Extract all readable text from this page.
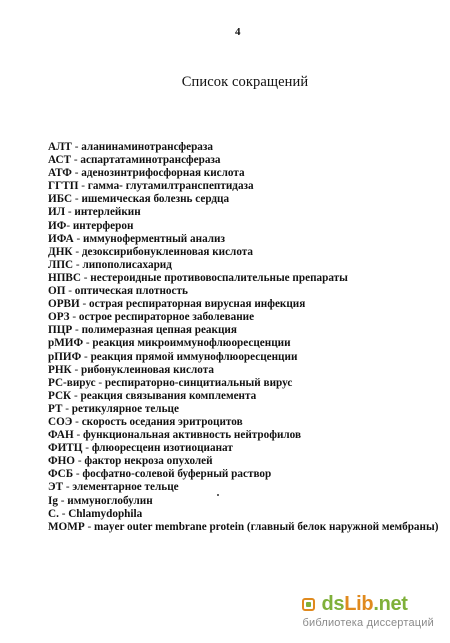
4
Список сокращений
АЛТ - аланинаминотрансфераза
АСТ - аспартатаминотрансфераза
АТФ - аденозинтрифосфорная кислота
ГГТП - гамма- глутамилтранспептидаза
ИБС - ишемическая болезнь сердца
ИЛ - интерлейкин
ИФ- интерферон
ИФА - иммуноферментный анализ
ДНК - дезоксирибонуклеиновая кислота
ЛПС - липополисахарид
НПВС - нестероидные противовоспалительные препараты
ОП - оптическая плотность
ОРВИ - острая респираторная вирусная инфекция
ОРЗ - острое респираторное заболевание
ПЦР - полимеразная цепная реакция
рМИФ - реакция микроиммунофлюоресценции
рПИФ - реакция прямой иммунофлюоресценции
РНК - рибонуклеиновая кислота
РС-вирус - респираторно-синцитиальный вирус
РСК - реакция связывания комплемента
РТ - ретикулярное тельце
СОЭ - скорость оседания эритроцитов
ФАН - функциональная активность нейтрофилов
ФИТЦ - флюоресцеин изотиоцианат
ФНО - фактор некроза опухолей
ФСБ - фосфатно-солевой буферный раствор
ЭТ - элементарное тельце
Ig - иммуноглобулин
C. - Chlamydophila
МОМР - mayer outer membrane protein (главный белок наружной мембраны)
dsLib.net
библиотека диссертаций
